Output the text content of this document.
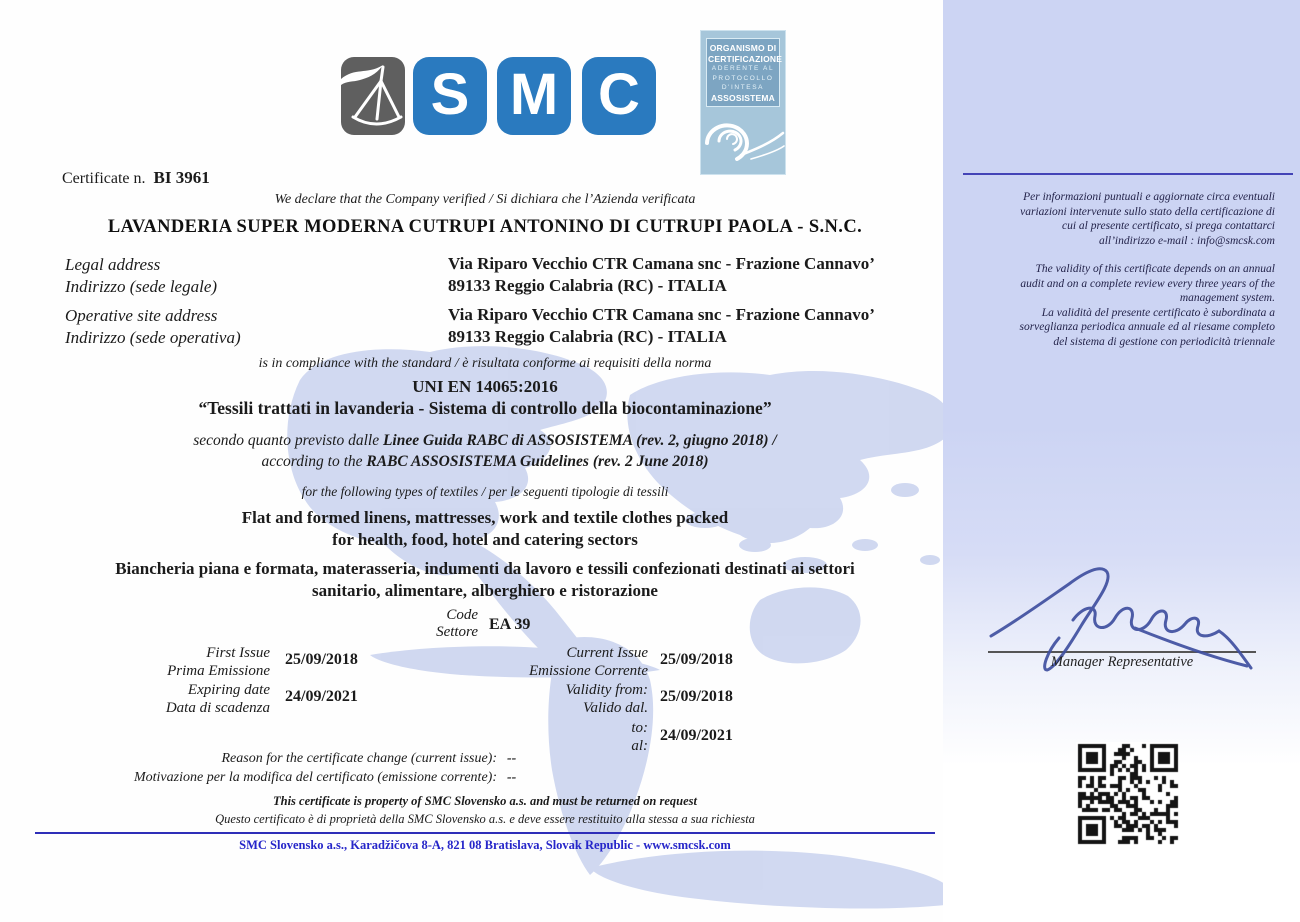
S M C
ORGANISMO DI
CERTIFICAZIONE
ADERENTE AL
PROTOCOLLO
D'INTESA
ASSOSISTEMA
Certificate n. BI 3961
We declare that the Company verified / Si dichiara che l’Azienda verificata
LAVANDERIA SUPER MODERNA CUTRUPI ANTONINO DI CUTRUPI PAOLA - S.N.C.
Legal address
Indirizzo (sede legale)
Via Riparo Vecchio CTR Camana snc - Frazione Cannavo’
89133 Reggio Calabria (RC) - ITALIA
Operative site address
Indirizzo (sede operativa)
Via Riparo Vecchio CTR Camana snc - Frazione Cannavo’
89133 Reggio Calabria (RC) - ITALIA
is in compliance with the standard / è risultata conforme ai requisiti della norma
UNI EN 14065:2016
“Tessili trattati in lavanderia - Sistema di controllo della biocontaminazione”
secondo quanto previsto dalle Linee Guida RABC di ASSOSISTEMA (rev. 2, giugno 2018) /
according to the RABC ASSOSISTEMA Guidelines (rev. 2 June 2018)
for the following types of textiles / per le seguenti tipologie di tessili
Flat and formed linens, mattresses, work and textile clothes packed
for health, food, hotel and catering sectors
Biancheria piana e formata, materasseria, indumenti da lavoro e tessili confezionati destinati ai settori
sanitario, alimentare, alberghiero e ristorazione
Code
Settore EA 39
First Issue
Prima Emissione
25/09/2018
Expiring date
Data di scadenza
24/09/2021
Current Issue
Emissione Corrente
25/09/2018
Validity from:
Valido dal.
25/09/2018
to:
al:
24/09/2021
Reason for the certificate change (current issue): --
Motivazione per la modifica del certificato (emissione corrente): --
This certificate is property of SMC Slovensko a.s. and must be returned on request
Questo certificato è di proprietà della SMC Slovensko a.s. e deve essere restituito alla stessa a sua richiesta
SMC Slovensko a.s., Karadžičova 8-A, 821 08 Bratislava, Slovak Republic - www.smcsk.com
Per informazioni puntuali e aggiornate circa eventuali
variazioni intervenute sullo stato della certificazione di
cui al presente certificato, si prega contattarci
all’indirizzo e-mail : info@smcsk.com
The validity of this certificate depends on an annual
audit and on a complete review every three years of the
management system.
La validità del presente certificato è subordinata a
sorveglianza periodica annuale ed al riesame completo
del sistema di gestione con periodicità triennale
Manager Representative
